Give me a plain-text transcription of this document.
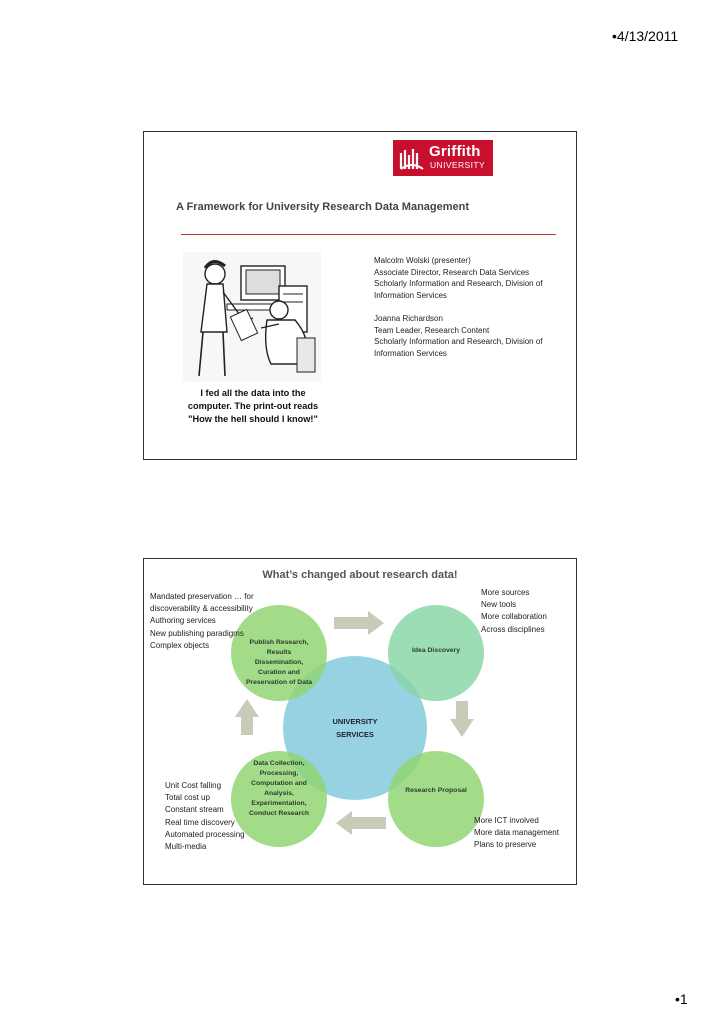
•4/13/2011
Griffith
UNIVERSITY
A Framework for University Research Data Management
I fed all the data into the
computer. The print-out reads
"How the hell should I know!"

Malcolm Wolski (presenter)

Associate Director, Research Data Services

Scholarly Information and Research, Division of Information Services

Joanna Richardson

Team Leader, Research Content

Scholarly Information and Research, Division of Information Services

What’s changed about research data!
Publish Research,
Results
Dissemination,
Curation and
Preservation of Data
Idea Discovery
UNIVERSITY
SERVICES
Data Collection,
Processing,
Computation and
Analysis,
Experimentation,
Conduct Research
Research Proposal

Mandated preservation … for

discoverability & accessibility

Authoring services

New publishing paradigms

Complex objects

More sources

New tools

More collaboration

Across disciplines

Unit Cost falling

Total cost up

Constant stream

Real time discovery

Automated processing

Multi-media

More ICT involved

More data management

Plans to preserve

•1
